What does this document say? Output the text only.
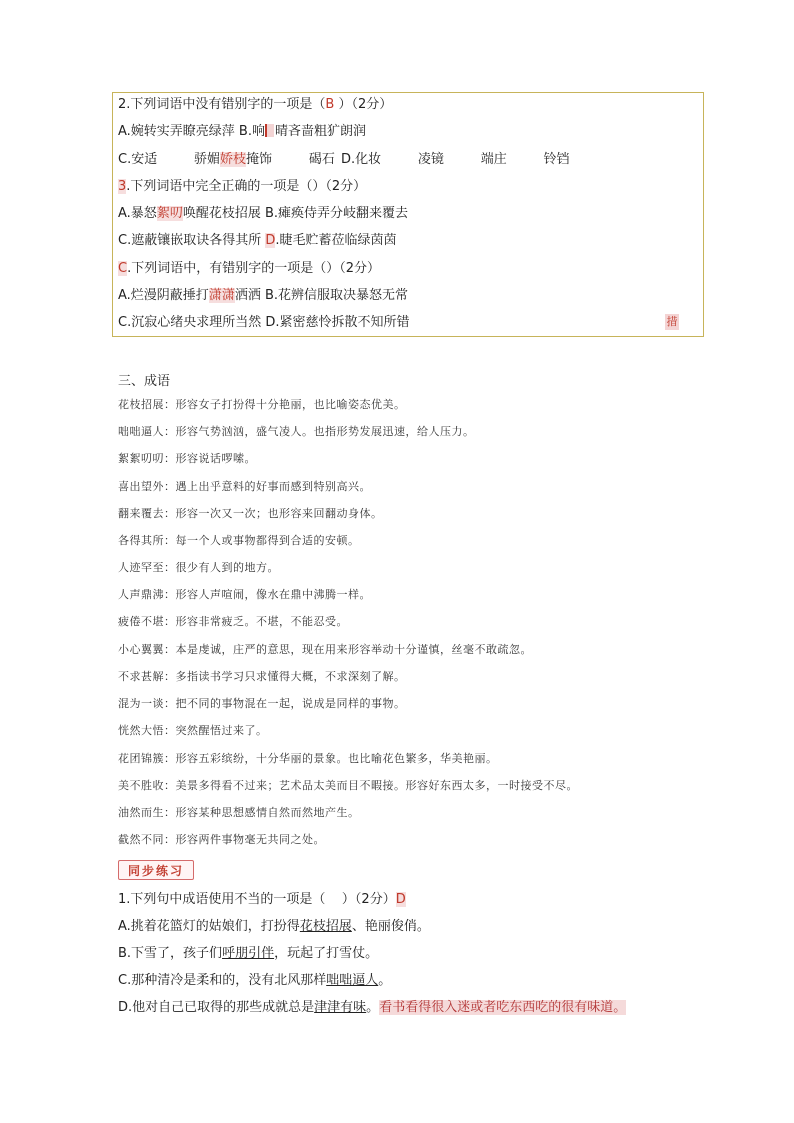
2.下列词语中没有错别字的一项是（B ）（2分）
A.婉转实弄瞭亮绿萍 B.响 晴吝啬粗犷朗润
C.安适      骄媚娇枝掩饰      碣石 D.化妆      凌镜      端庄      铃铛
3.下列词语中完全正确的一项是（）（2分）
A.暴怒絮叨唤醒花枝招展 B.瘫痪侍弄分岐翻来覆去
C.遮蔽镶嵌取诀各得其所 D.睫毛贮蓄莅临绿茵茵
C.下列词语中，有错别字的一项是（）（2分）
A.烂漫阴蔽捶打潇潇洒洒 B.花辨信服取决暴怒无常
C.沉寂心绪央求理所当然 D.紧密慈怜拆散不知所错	措
三、成语
花枝招展：形容女子打扮得十分艳丽，也比喻姿态优美。
咄咄逼人：形容气势汹汹，盛气凌人。也指形势发展迅速，给人压力。
絮絮叨叨：形容说话啰嗦。
喜出望外：遇上出乎意料的好事而感到特别高兴。
翻来覆去：形容一次又一次；也形容来回翻动身体。
各得其所：每一个人或事物都得到合适的安顿。
人迹罕至：很少有人到的地方。
人声鼎沸：形容人声喧闹，像水在鼎中沸腾一样。
疲倦不堪：形容非常疲乏。不堪，不能忍受。
小心翼翼：本是虔诚，庄严的意思，现在用来形容举动十分谨慎，丝毫不敢疏忽。
不求甚解：多指读书学习只求懂得大概，不求深刻了解。
混为一谈：把不同的事物混在一起，说成是同样的事物。
恍然大悟：突然醒悟过来了。
花团锦簇：形容五彩缤纷，十分华丽的景象。也比喻花色繁多，华美艳丽。
美不胜收：美景多得看不过来；艺术品太美而目不暇接。形容好东西太多，一时接受不尽。
油然而生：形容某种思想感情自然而然地产生。
截然不同：形容两件事物毫无共同之处。
同步练习
1.下列句中成语使用不当的一项是（    ）（2分）D
A.挑着花篮灯的姑娘们，打扮得花枝招展、艳丽俊俏。
B.下雪了，孩子们呼朋引伴，玩起了打雪仗。
C.那种清冷是柔和的，没有北风那样咄咄逼人。
D.他对自己已取得的那些成就总是津津有味。看书看得很入迷或者吃东西吃的很有味道。
